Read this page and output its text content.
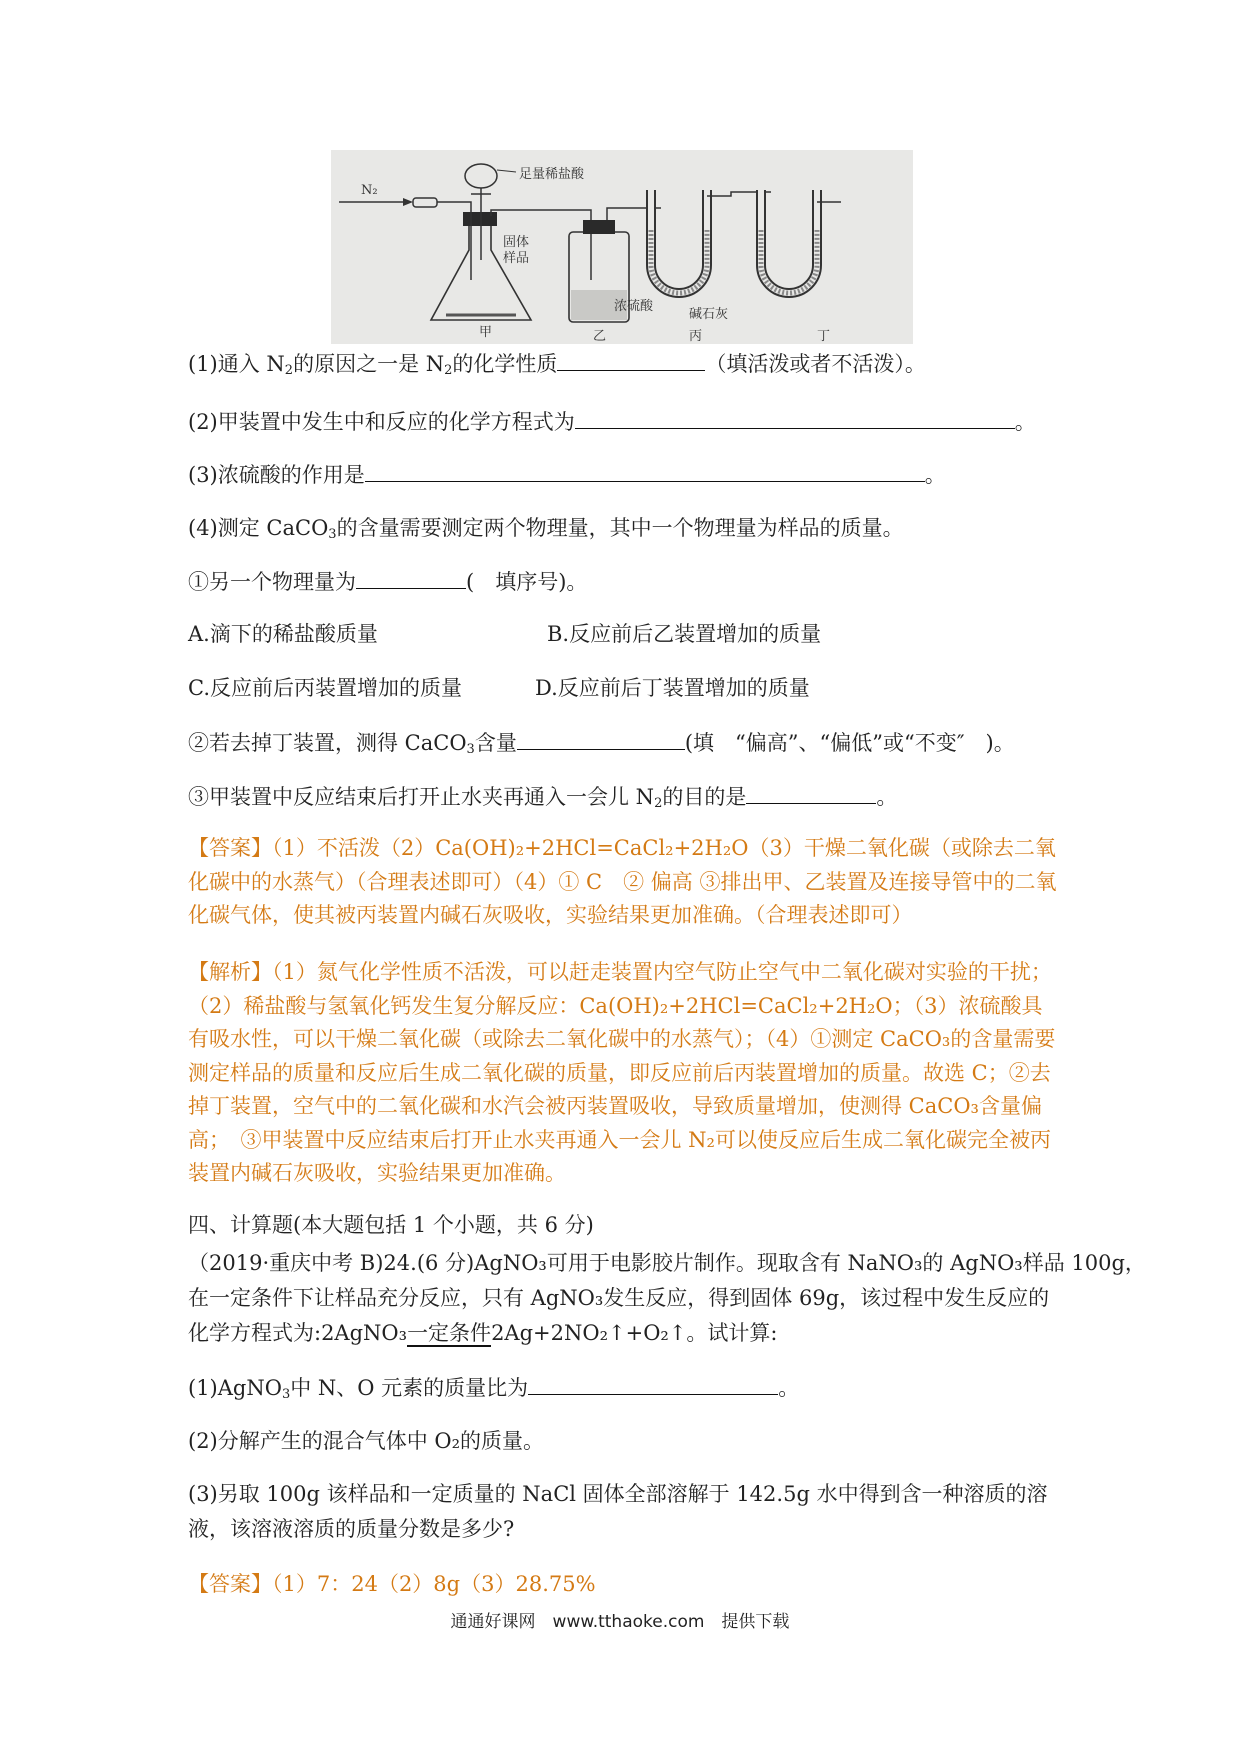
N₂
足量稀盐酸
固体
样品
浓硫酸
碱石灰
甲	乙	丙	丁
(1)通入 $N_2$的原因之一是 $N_2$的化学性质	（填活泼或者不活泼）。
(2)甲装置中发生中和反应的化学方程式为	。
(3)浓硫酸的作用是	。
(4)测定 CaCO$_3$的含量需要测定两个物理量，其中一个物理量为样品的质量。
①另一个物理量为	(　填序号)。
A.滴下的稀盐酸质量	B.反应前后乙装置增加的质量
C.反应前后丙装置增加的质量	D.反应前后丁装置增加的质量
②若去掉丁装置，测得 CaCO$_3$含量	(填　“偏高”、“偏低”或“不变″　)。
③甲装置中反应结束后打开止水夹再通入一会儿 $N_2$的目的是	。
【答案】（1）不活泼（2）Ca(OH)₂+2HCl=CaCl₂+2H₂O（3）干燥二氧化碳（或除去二氧化碳中的水蒸气）（合理表述即可）（4）① C　② 偏高 ③排出甲、乙装置及连接导管中的二氧化碳气体，使其被丙装置内碱石灰吸收，实验结果更加准确。（合理表述即可）
【解析】（1）氮气化学性质不活泼，可以赶走装置内空气防止空气中二氧化碳对实验的干扰；（2）稀盐酸与氢氧化钙发生复分解反应：Ca(OH)₂+2HCl=CaCl₂+2H₂O；（3）浓硫酸具有吸水性，可以干燥二氧化碳（或除去二氧化碳中的水蒸气）；（4）①测定 CaCO₃的含量需要测定样品的质量和反应后生成二氧化碳的质量，即反应前后丙装置增加的质量。故选 C；②去掉丁装置，空气中的二氧化碳和水汽会被丙装置吸收，导致质量增加，使测得 CaCO₃含量偏高；　③甲装置中反应结束后打开止水夹再通入一会儿 N₂可以使反应后生成二氧化碳完全被丙装置内碱石灰吸收，实验结果更加准确。
四、计算题(本大题包括 1 个小题，共 6 分)
（2019·重庆中考 B)24.(6 分)AgNO₃可用于电影胶片制作。现取含有 NaNO₃的 AgNO₃样品 100g，
在一定条件下让样品充分反应，只有 AgNO₃发生反应，得到固体 69g，该过程中发生反应的
化学方程式为:2AgNO₃一定条件2Ag+2NO₂↑+O₂↑。试计算:
(1)AgNO$_3$中 N、O 元素的质量比为	。
(2)分解产生的混合气体中 O₂的质量。
(3)另取 100g 该样品和一定质量的 NaCl 固体全部溶解于 142.5g 水中得到含一种溶质的溶
液，该溶液溶质的质量分数是多少?
【答案】（1）7：24（2）8g（3）28.75%
通通好课网　www.tthaoke.com　提供下载
